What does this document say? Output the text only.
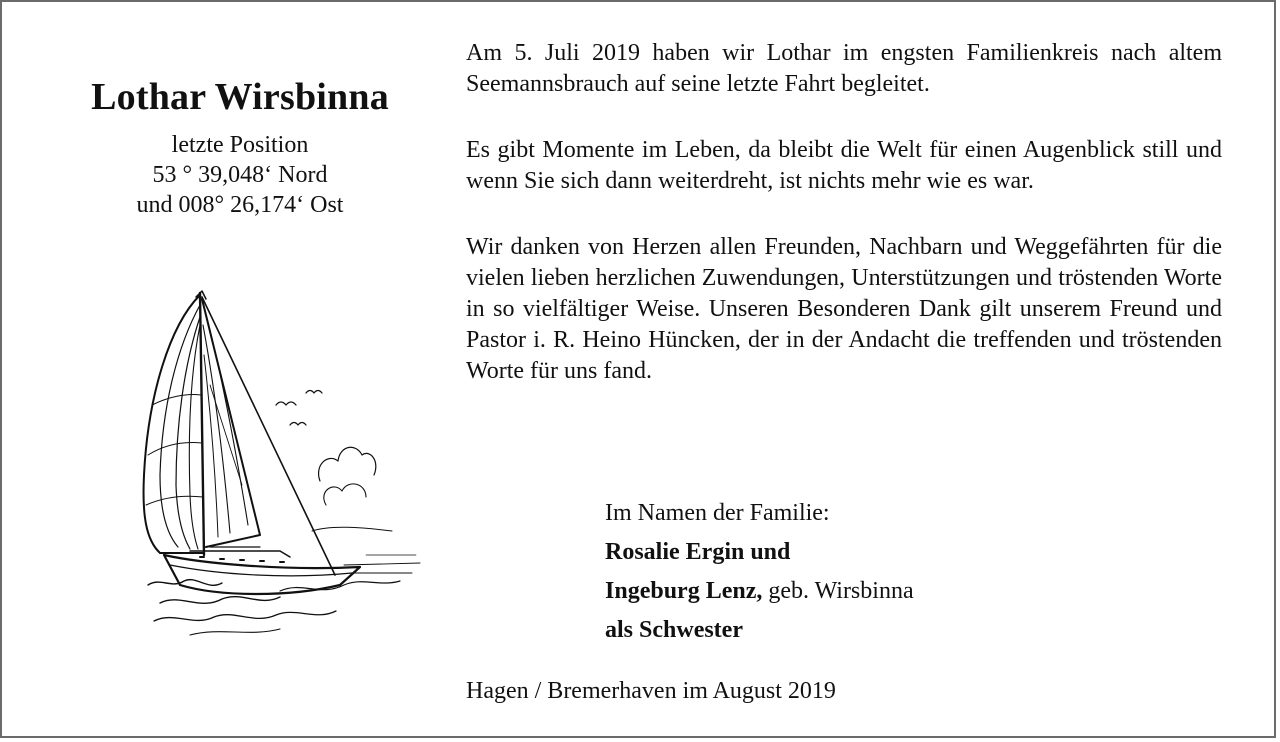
Lothar Wirsbinna
letzte Position
53 ° 39,048‘ Nord
und 008° 26,174‘ Ost

Am 5. Juli 2019 haben wir Lothar im engsten Familienkreis nach altem Seemannsbrauch auf seine letzte Fahrt begleitet.

Es gibt Momente im Leben, da bleibt die Welt für einen Augenblick still und wenn Sie sich dann weiterdreht, ist nichts mehr wie es war.

Wir danken von Herzen allen Freunden, Nachbarn und Weggefährten für die vielen lieben herzlichen Zuwendungen, Unterstützungen und tröstenden Worte in so vielfältiger Weise. Unseren Besonderen Dank gilt unserem Freund und Pastor i. R. Heino Hüncken, der in der Andacht die treffenden und tröstenden Worte für uns fand.

Im Namen der Familie:
Rosalie Ergin und
Ingeburg Lenz, geb. Wirsbinna
als Schwester
Hagen / Bremerhaven im August 2019
